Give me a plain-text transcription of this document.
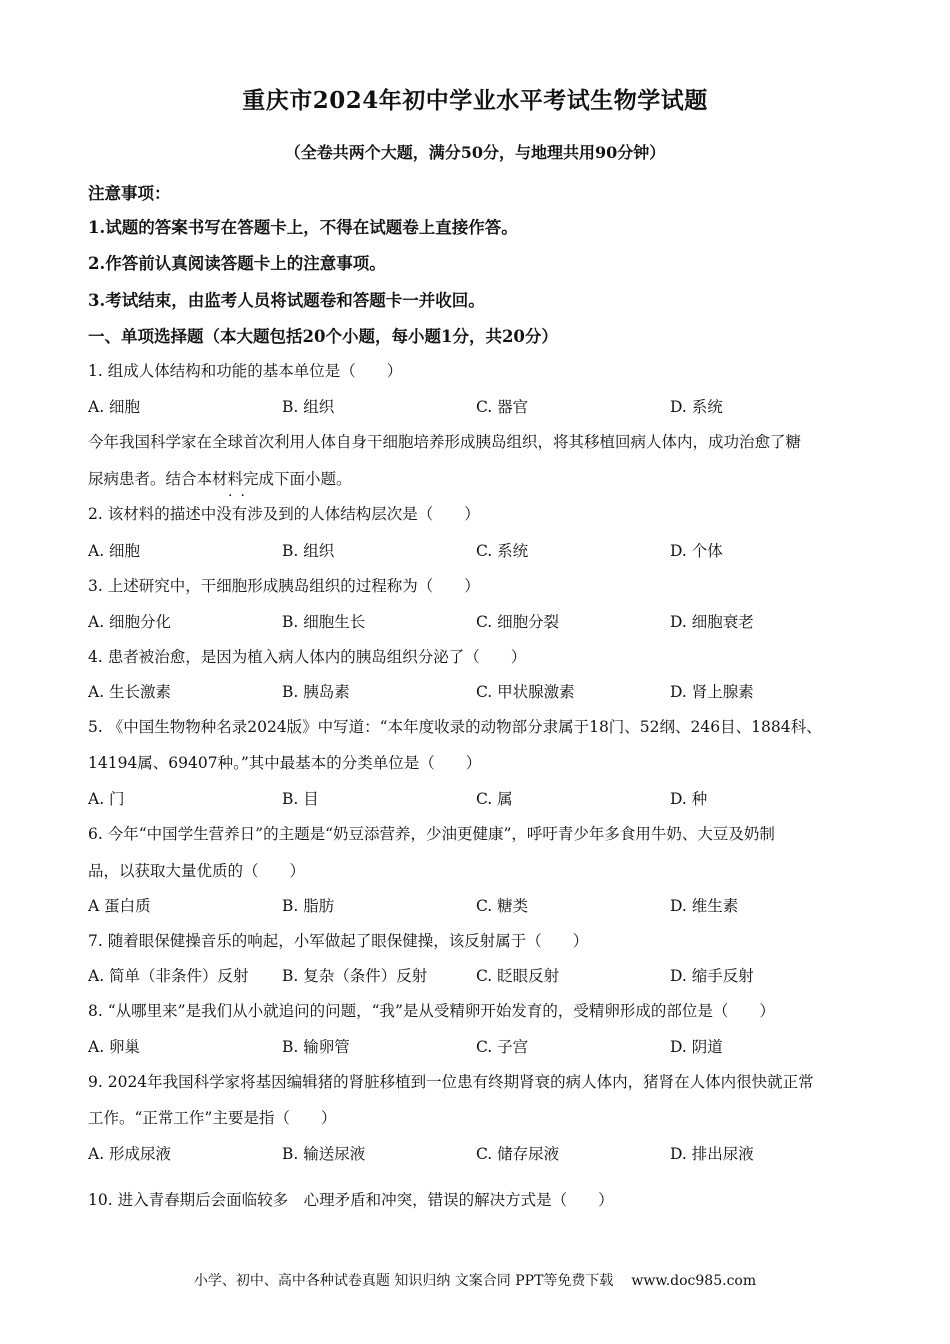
重庆市2024年初中学业水平考试生物学试题
（全卷共两个大题，满分50分，与地理共用90分钟）
注意事项：
1.试题的答案书写在答题卡上，不得在试题卷上直接作答。
2.作答前认真阅读答题卡上的注意事项。
3.考试结束，由监考人员将试题卷和答题卡一并收回。
一、单项选择题（本大题包括20个小题，每小题1分，共20分）
1. 组成人体结构和功能的基本单位是（　　）
A. 细胞	B. 组织	C. 器官	D. 系统
今年我国科学家在全球首次利用人体自身干细胞培养形成胰岛组织，将其移植回病人体内，成功治愈了糖
尿病患者。结合本材料完成下面小题。
··
2. 该材料的描述中没有涉及到的人体结构层次是（　　）
A. 细胞	B. 组织	C. 系统	D. 个体
3. 上述研究中，干细胞形成胰岛组织的过程称为（　　）
A. 细胞分化	B. 细胞生长	C. 细胞分裂	D. 细胞衰老
4. 患者被治愈，是因为植入病人体内的胰岛组织分泌了（　　）
A. 生长激素	B. 胰岛素	C. 甲状腺激素	D. 肾上腺素
5. 《中国生物物种名录2024版》中写道：“本年度收录的动物部分隶属于18门、52纲、246目、1884科、
14194属、69407种。”其中最基本的分类单位是（　　）
A. 门	B. 目	C. 属	D. 种
6. 今年“中国学生营养日”的主题是“奶豆添营养，少油更健康”，呼吁青少年多食用牛奶、大豆及奶制
品，以获取大量优质的（　　）
A 蛋白质	B. 脂肪	C. 糖类	D. 维生素
7. 随着眼保健操音乐的响起，小军做起了眼保健操，该反射属于（　　）
A. 简单（非条件）反射 B. 复杂（条件）反射	C. 眨眼反射	D. 缩手反射
8. “从哪里来”是我们从小就追问的问题，“我”是从受精卵开始发育的，受精卵形成的部位是（　　）
A. 卵巢	B. 输卵管	C. 子宫	D. 阴道
9. 2024年我国科学家将基因编辑猪的肾脏移植到一位患有终期肾衰的病人体内，猪肾在人体内很快就正常
工作。“正常工作”主要是指（　　）
A. 形成尿液	B. 输送尿液	C. 储存尿液	D. 排出尿液
10. 进入青春期后会面临较多　心理矛盾和冲突，错误的解决方式是（　　）
小学、初中、高中各种试卷真题 知识归纳 文案合同 PPT等免费下载 www.doc985.com
